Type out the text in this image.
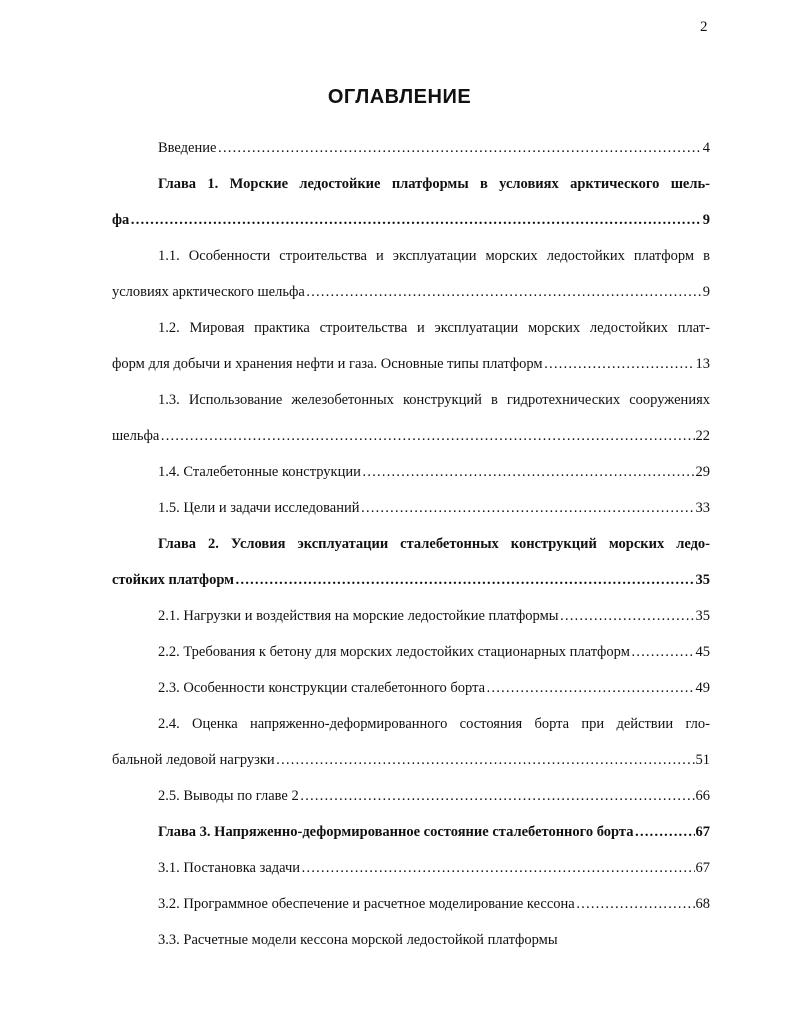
2
ОГЛАВЛЕНИЕ
Введение ……………………………………………………………………………………………………………………………………………………………………………………………………………………………………	4
Глава 1. Морские ледостойкие платформы в условиях арктического шель-
фа ……………………………………………………………………………………………………………………………………………………………………………………………………………………………………	9
1.1. Особенности строительства и эксплуатации морских ледостойких платформ в
условиях арктического шельфа ……………………………………………………………………………………………………………………………………………………………………………………………………………………………………	9
1.2. Мировая практика строительства и эксплуатации морских ледостойких плат-
форм для добычи и хранения нефти и газа. Основные типы платформ ……………………………………………………………………………………………………………………………………………………………………………………………………………………………………	13
1.3. Использование железобетонных конструкций в гидротехнических сооружениях
шельфа ……………………………………………………………………………………………………………………………………………………………………………………………………………………………………	22
1.4. Сталебетонные конструкции ……………………………………………………………………………………………………………………………………………………………………………………………………………………………………	29
1.5. Цели и задачи исследований ……………………………………………………………………………………………………………………………………………………………………………………………………………………………………	33
Глава 2. Условия эксплуатации сталебетонных конструкций морских ледо-
стойких платформ ……………………………………………………………………………………………………………………………………………………………………………………………………………………………………	35
2.1. Нагрузки и воздействия на морские ледостойкие платформы ……………………………………………………………………………………………………………………………………………………………………………………………………………………………………	35
2.2. Требования к бетону для морских ледостойких стационарных платформ ……………………………………………………………………………………………………………………………………………………………………………………………………………………………………	45
2.3. Особенности конструкции сталебетонного борта ……………………………………………………………………………………………………………………………………………………………………………………………………………………………………	49
2.4. Оценка напряженно-деформированного состояния борта при действии гло-
бальной ледовой нагрузки ……………………………………………………………………………………………………………………………………………………………………………………………………………………………………	51
2.5. Выводы по главе 2 ……………………………………………………………………………………………………………………………………………………………………………………………………………………………………	66
Глава 3. Напряженно-деформированное состояние сталебетонного борта ……………………………………………………………………………………………………………………………………………………………………………………………………………………………………	67
3.1. Постановка задачи ……………………………………………………………………………………………………………………………………………………………………………………………………………………………………	67
3.2. Программное обеспечение и расчетное моделирование кессона ……………………………………………………………………………………………………………………………………………………………………………………………………………………………………	68
3.3. Расчетные модели кессона морской ледостойкой платформы
